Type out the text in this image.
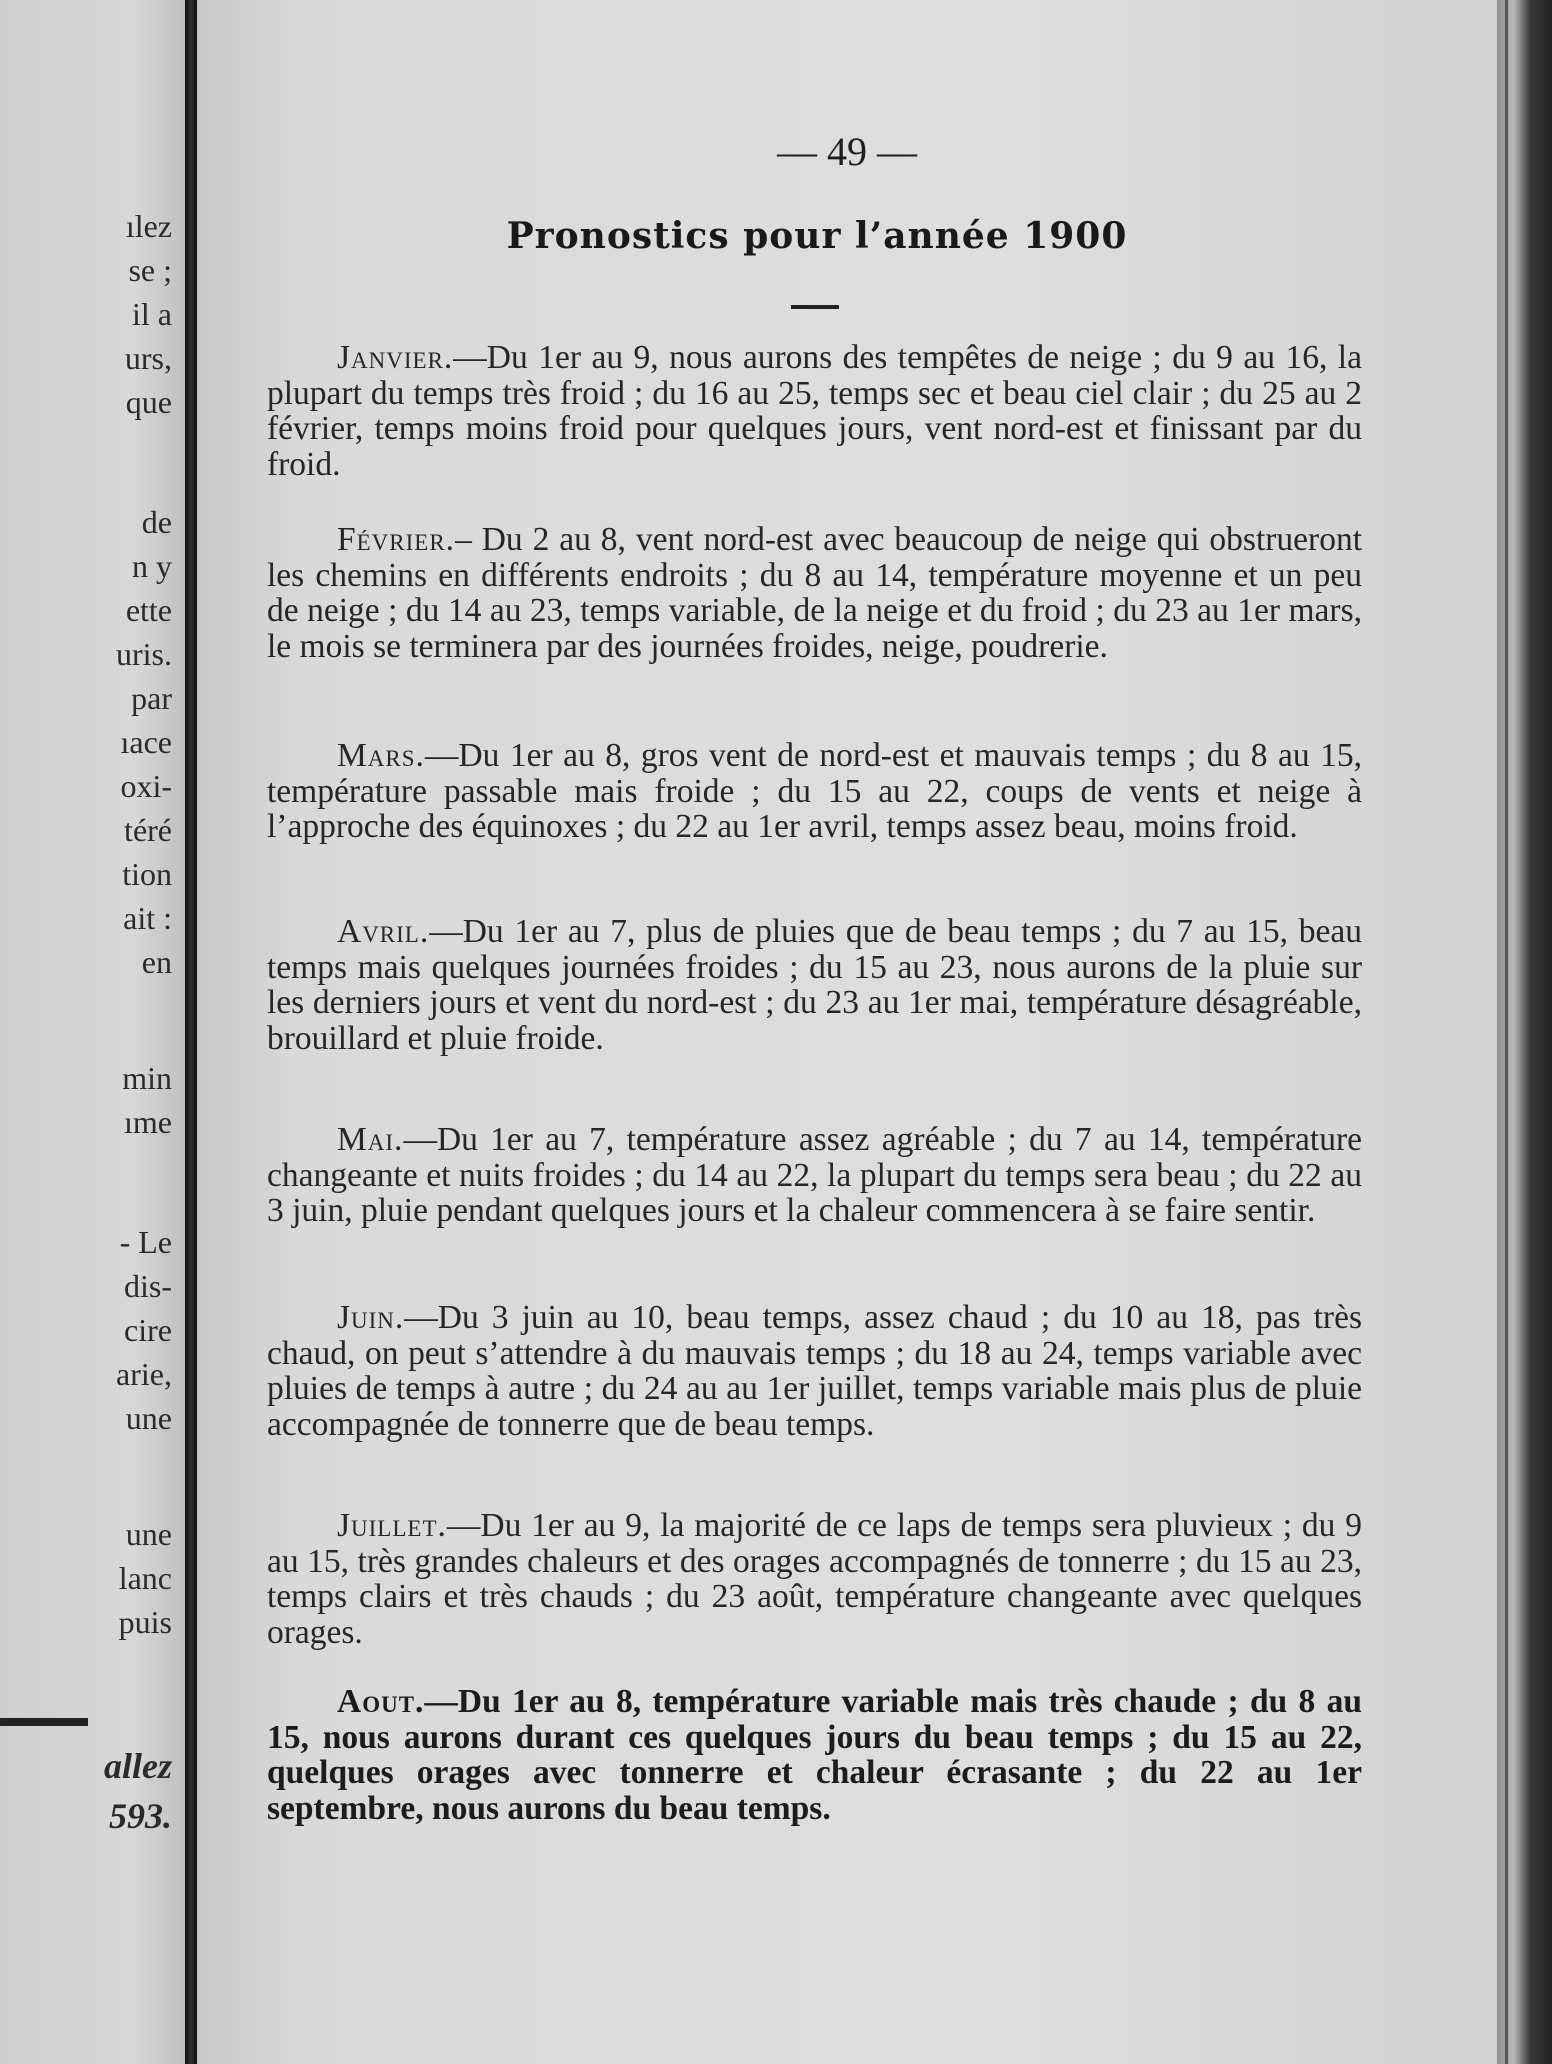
ılez
se ;
il a
urs,
que
de
n y
ette
uris.
par
ıace
oxi-
téré
tion
ait :
en
min
ıme
- Le
dis-
cire
arie,
une
une
lanc
puis
allez
593.
— 49 —
Pronostics pour l’année 1900

Janvier.—Du 1er au 9, nous aurons des tempêtes de neige ; du 9 au 16, la plupart du temps très froid ; du 16 au 25, temps sec et beau ciel clair ; du 25 au 2 février, temps moins froid pour quelques jours, vent nord-est et finissant par du froid.

Février.– Du 2 au 8, vent nord-est avec beaucoup de neige qui obstrueront les chemins en différents endroits ; du 8 au 14, température moyenne et un peu de neige ; du 14 au 23, temps variable, de la neige et du froid ; du 23 au 1er mars, le mois se terminera par des journées froides, neige, poudrerie.

Mars.—Du 1er au 8, gros vent de nord-est et mauvais temps ; du 8 au 15, température passable mais froide ; du 15 au 22, coups de vents et neige à l’approche des équinoxes ; du 22 au 1er avril, temps assez beau, moins froid.

Avril.—Du 1er au 7, plus de pluies que de beau temps ; du 7 au 15, beau temps mais quelques journées froides ; du 15 au 23, nous aurons de la pluie sur les derniers jours et vent du nord-est ; du 23 au 1er mai, température désagréable, brouillard et pluie froide.

Mai.—Du 1er au 7, température assez agréable ; du 7 au 14, température changeante et nuits froides ; du 14 au 22, la plupart du temps sera beau ; du 22 au 3 juin, pluie pendant quelques jours et la chaleur commencera à se faire sentir.

Juin.—Du 3 juin au 10, beau temps, assez chaud ; du 10 au 18, pas très chaud, on peut s’attendre à du mauvais temps ; du 18 au 24, temps variable avec pluies de temps à autre ; du 24 au au 1er juillet, temps variable mais plus de pluie accompagnée de tonnerre que de beau temps.

Juillet.—Du 1er au 9, la majorité de ce laps de temps sera pluvieux ; du 9 au 15, très grandes chaleurs et des orages accompagnés de tonnerre ; du 15 au 23, temps clairs et très chauds ; du 23 août, température changeante avec quelques orages.

Aout.—Du 1er au 8, température variable mais très chaude ; du 8 au 15, nous aurons durant ces quelques jours du beau temps ; du 15 au 22, quelques orages avec tonnerre et chaleur écrasante ; du 22 au 1er septembre, nous aurons du beau temps.
